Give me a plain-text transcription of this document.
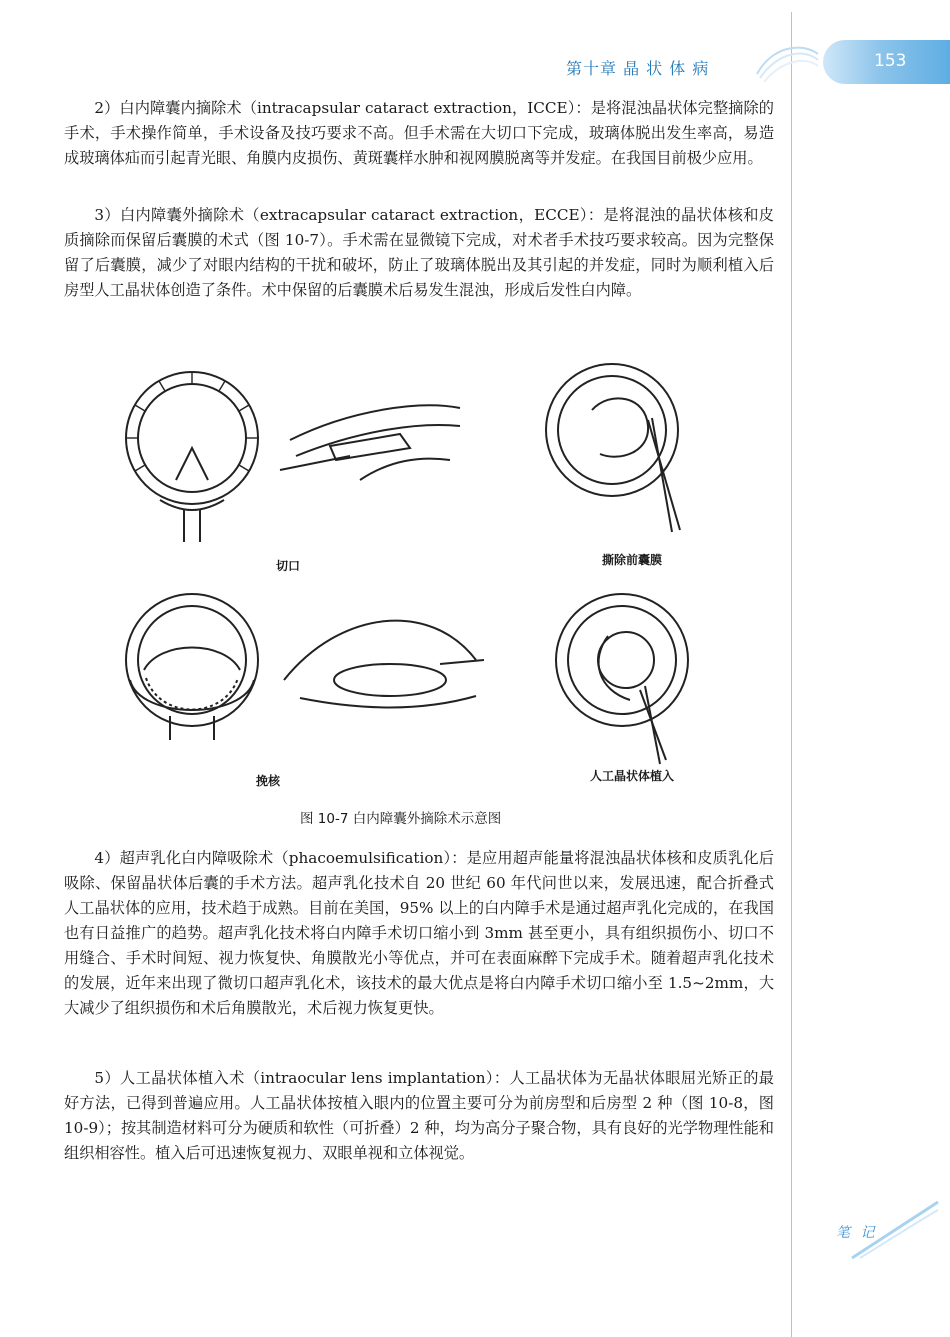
第十章 晶 状 体 病	153

2）白内障囊内摘除术（intracapsular cataract extraction，ICCE）：是将混浊晶状体完整摘除的手术，手术操作简单，手术设备及技巧要求不高。但手术需在大切口下完成，玻璃体脱出发生率高，易造成玻璃体疝而引起青光眼、角膜内皮损伤、黄斑囊样水肿和视网膜脱离等并发症。在我国目前极少应用。

3）白内障囊外摘除术（extracapsular cataract extraction，ECCE）：是将混浊的晶状体核和皮质摘除而保留后囊膜的术式（图 10-7）。手术需在显微镜下完成，对术者手术技巧要求较高。因为完整保留了后囊膜，减少了对眼内结构的干扰和破坏，防止了玻璃体脱出及其引起的并发症，同时为顺利植入后房型人工晶状体创造了条件。术中保留的后囊膜术后易发生混浊，形成后发性白内障。

切口	撕除前囊膜
挽核	人工晶状体植入
图 10-7 白内障囊外摘除术示意图

4）超声乳化白内障吸除术（phacoemulsification）：是应用超声能量将混浊晶状体核和皮质乳化后吸除、保留晶状体后囊的手术方法。超声乳化技术自 20 世纪 60 年代问世以来，发展迅速，配合折叠式人工晶状体的应用，技术趋于成熟。目前在美国，95% 以上的白内障手术是通过超声乳化完成的，在我国也有日益推广的趋势。超声乳化技术将白内障手术切口缩小到 3mm 甚至更小，具有组织损伤小、切口不用缝合、手术时间短、视力恢复快、角膜散光小等优点，并可在表面麻醉下完成手术。随着超声乳化技术的发展，近年来出现了微切口超声乳化术，该技术的最大优点是将白内障手术切口缩小至 1.5~2mm，大大减少了组织损伤和术后角膜散光，术后视力恢复更快。

5）人工晶状体植入术（intraocular lens implantation）：人工晶状体为无晶状体眼屈光矫正的最好方法，已得到普遍应用。人工晶状体按植入眼内的位置主要可分为前房型和后房型 2 种（图 10-8，图 10-9）；按其制造材料可分为硬质和软性（可折叠）2 种，均为高分子聚合物，具有良好的光学物理性能和组织相容性。植入后可迅速恢复视力、双眼单视和立体视觉。

笔 记
